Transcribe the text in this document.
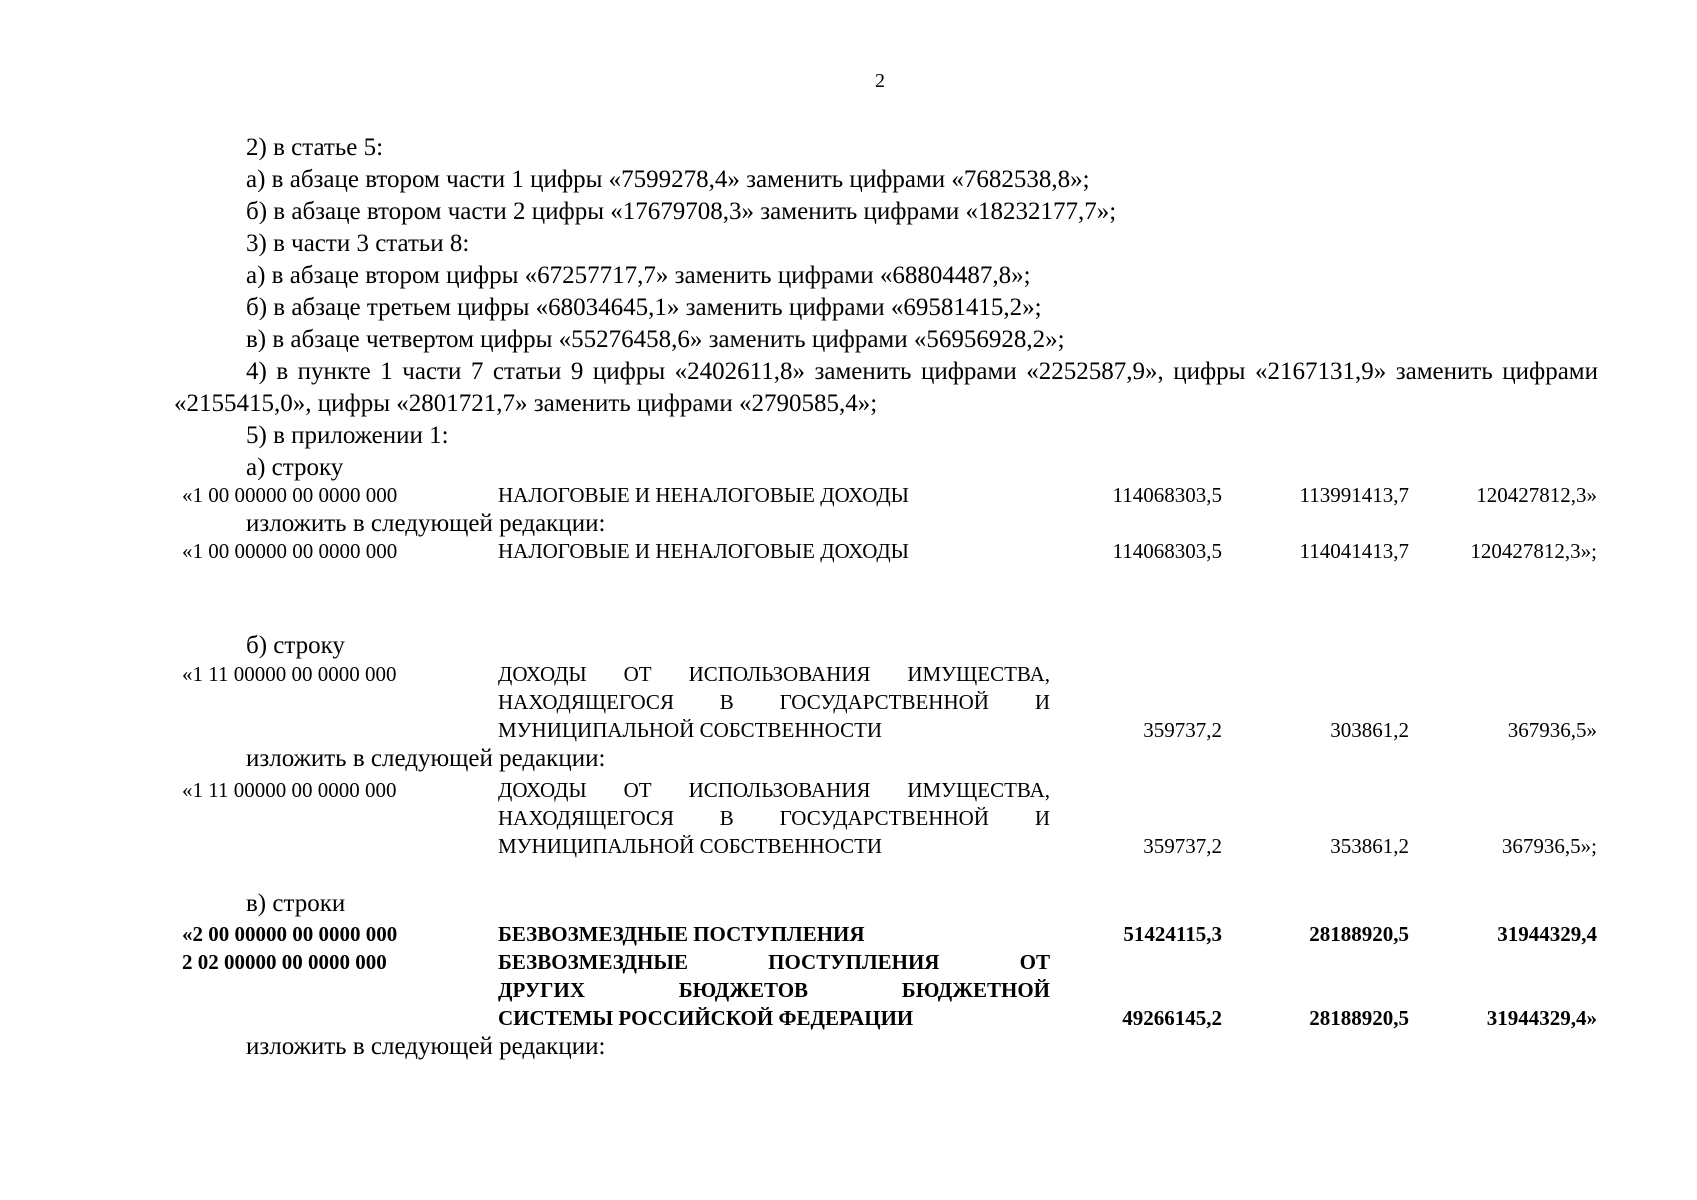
2
2) в статье 5:
а) в абзаце втором части 1 цифры «7599278,4» заменить цифрами «7682538,8»;
б) в абзаце втором части 2 цифры «17679708,3» заменить цифрами «18232177,7»;
3) в части 3 статьи 8:
а) в абзаце втором цифры «67257717,7» заменить цифрами «68804487,8»;
б) в абзаце третьем цифры «68034645,1» заменить цифрами «69581415,2»;
в) в абзаце четвертом цифры «55276458,6» заменить цифрами «56956928,2»;
4) в пункте 1 части 7 статьи 9 цифры «2402611,8» заменить цифрами «2252587,9», цифры «2167131,9» заменить цифрами «2155415,0», цифры «2801721,7» заменить цифрами «2790585,4»;
5) в приложении 1:
а) строку
«1 00 00000 00 0000 000	НАЛОГОВЫЕ И НЕНАЛОГОВЫЕ ДОХОДЫ	114068303,5	113991413,7	120427812,3»
изложить в следующей редакции:
«1 00 00000 00 0000 000	НАЛОГОВЫЕ И НЕНАЛОГОВЫЕ ДОХОДЫ	114068303,5	114041413,7	120427812,3»;
б) строку
«1 11 00000 00 0000 000	ДОХОДЫ ОТ ИСПОЛЬЗОВАНИЯ ИМУЩЕСТВА,
НАХОДЯЩЕГОСЯ В ГОСУДАРСТВЕННОЙ И
МУНИЦИПАЛЬНОЙ СОБСТВЕННОСТИ	359737,2	303861,2	367936,5»
изложить в следующей редакции:
«1 11 00000 00 0000 000	ДОХОДЫ ОТ ИСПОЛЬЗОВАНИЯ ИМУЩЕСТВА,
НАХОДЯЩЕГОСЯ В ГОСУДАРСТВЕННОЙ И
МУНИЦИПАЛЬНОЙ СОБСТВЕННОСТИ	359737,2	353861,2	367936,5»;
в) строки
«2 00 00000 00 0000 000	БЕЗВОЗМЕЗДНЫЕ ПОСТУПЛЕНИЯ	51424115,3	28188920,5	31944329,4
2 02 00000 00 0000 000	БЕЗВОЗМЕЗДНЫЕ ПОСТУПЛЕНИЯ ОТ
ДРУГИХ БЮДЖЕТОВ БЮДЖЕТНОЙ
СИСТЕМЫ РОССИЙСКОЙ ФЕДЕРАЦИИ	49266145,2	28188920,5	31944329,4»
изложить в следующей редакции:
